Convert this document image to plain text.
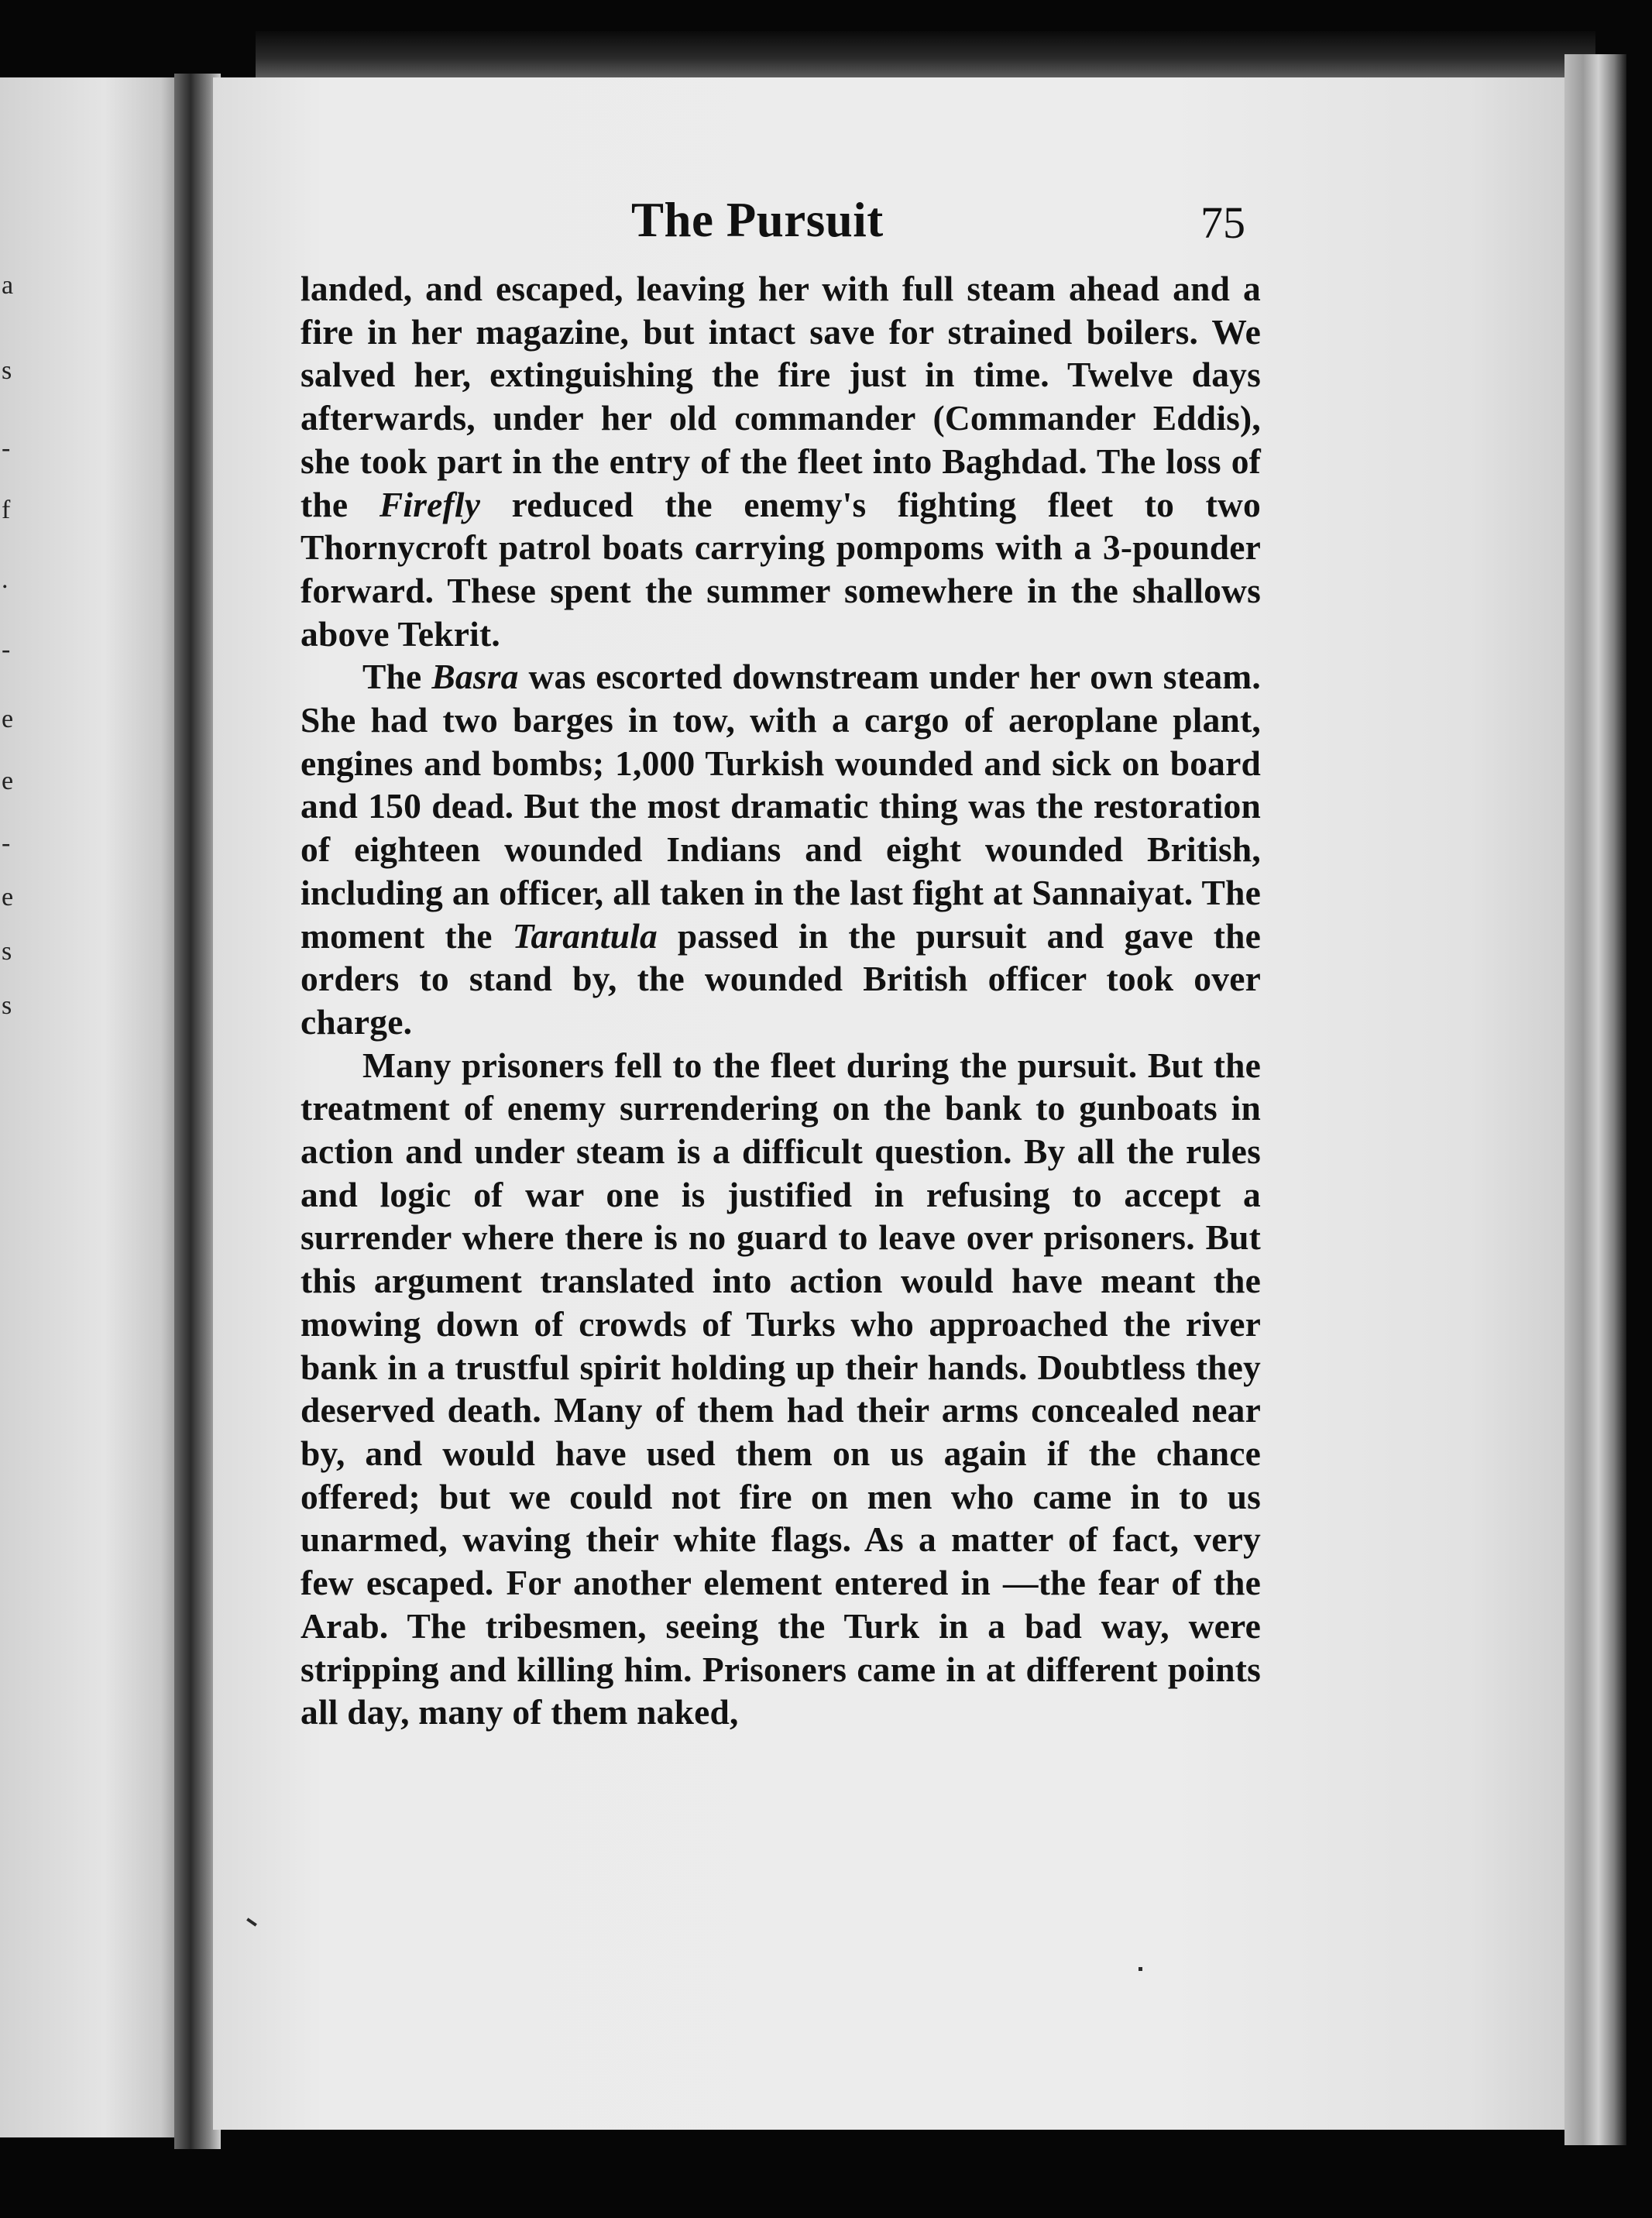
a
s
-
f
.
-
e
e
-
e
s
s
The Pursuit	75

landed, and escaped, leaving her with full steam ahead and a fire in her magazine, but intact save for strained boilers. We salved her, extinguishing the fire just in time. Twelve days afterwards, under her old commander (Commander Eddis), she took part in the entry of the fleet into Baghdad. The loss of the Firefly reduced the enemy's fighting fleet to two Thornycroft patrol boats carrying pompoms with a 3-pounder forward. These spent the summer somewhere in the shallows above Tekrit.

The Basra was escorted downstream under her own steam. She had two barges in tow, with a cargo of aeroplane plant, engines and bombs; 1,000 Turkish wounded and sick on board and 150 dead. But the most dramatic thing was the restoration of eighteen wounded Indians and eight wounded British, including an officer, all taken in the last fight at Sannaiyat. The moment the Tarantula passed in the pursuit and gave the orders to stand by, the wounded British officer took over charge.

Many prisoners fell to the fleet during the pursuit. But the treatment of enemy surrendering on the bank to gunboats in action and under steam is a difficult question. By all the rules and logic of war one is justified in refusing to accept a surrender where there is no guard to leave over prisoners. But this argument translated into action would have meant the mowing down of crowds of Turks who approached the river bank in a trustful spirit holding up their hands. Doubtless they deserved death. Many of them had their arms concealed near by, and would have used them on us again if the chance offered; but we could not fire on men who came in to us unarmed, waving their white flags. As a matter of fact, very few escaped. For another element entered in —the fear of the Arab. The tribesmen, seeing the Turk in a bad way, were stripping and killing him. Prisoners came in at different points all day, many of them naked,
